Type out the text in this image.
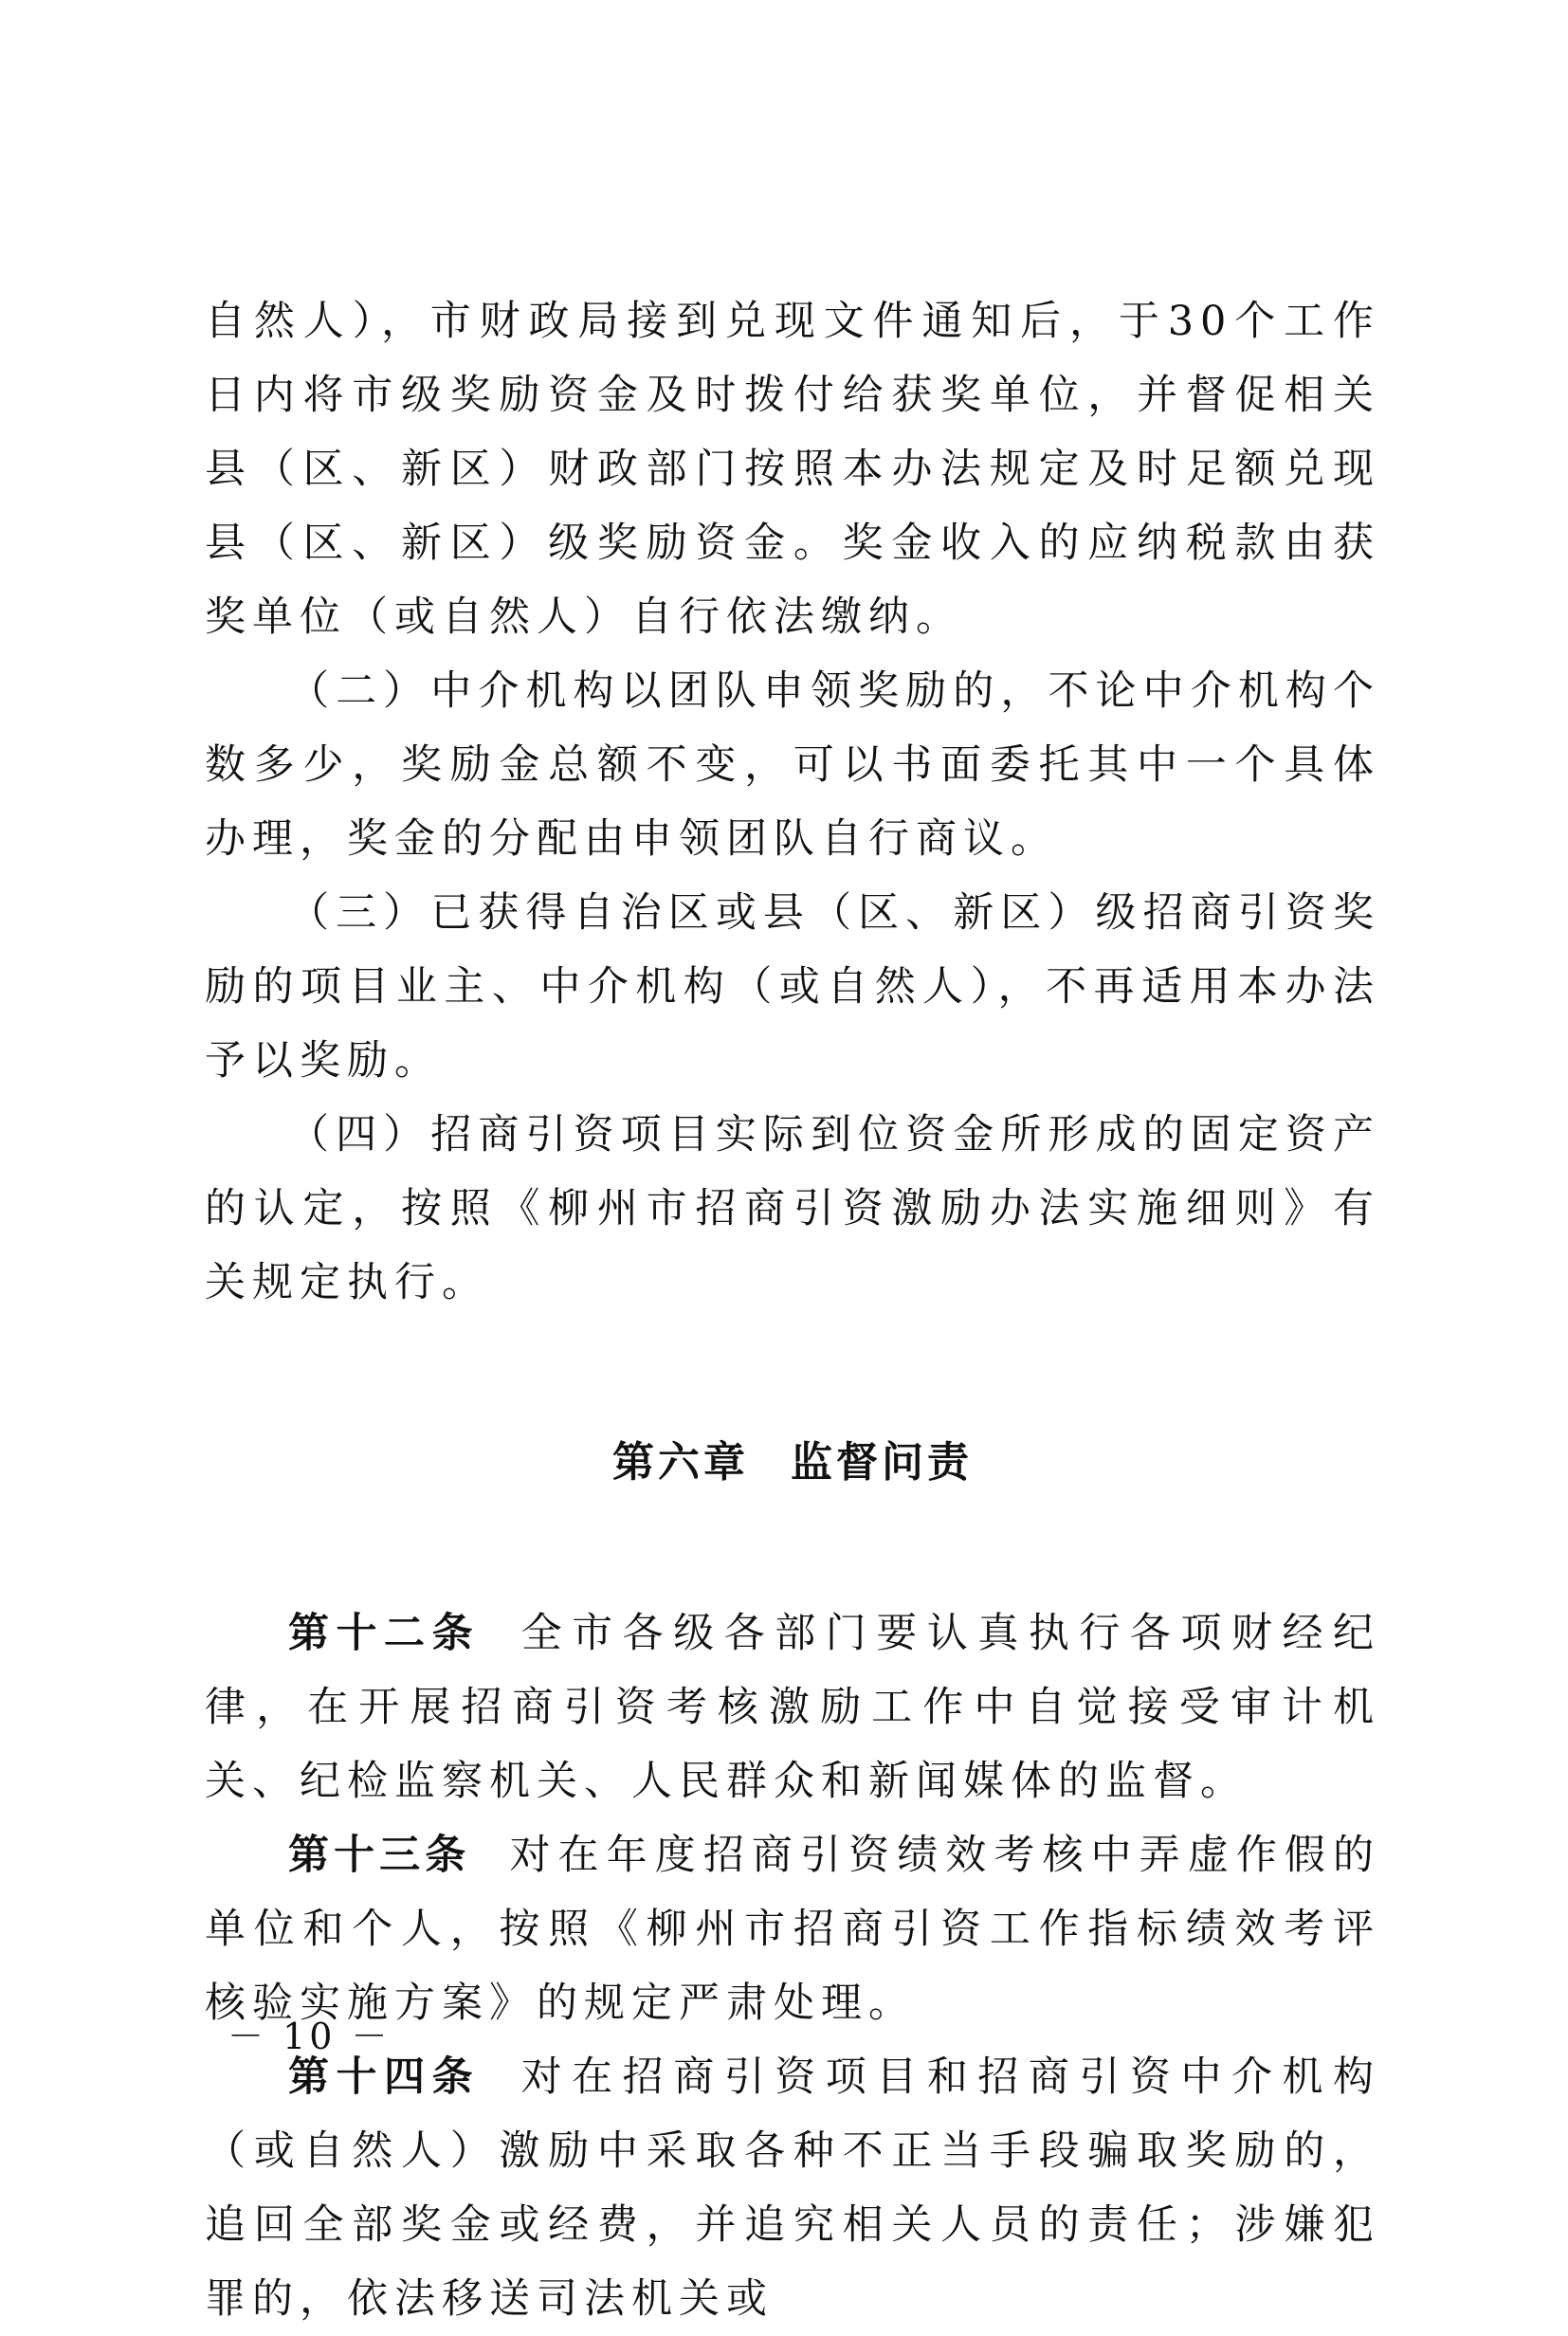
自然人），市财政局接到兑现文件通知后，于30个工作日内将市级奖励资金及时拨付给获奖单位，并督促相关县（区、新区）财政部门按照本办法规定及时足额兑现县（区、新区）级奖励资金。奖金收入的应纳税款由获奖单位（或自然人）自行依法缴纳。

（二）中介机构以团队申领奖励的，不论中介机构个数多少，奖励金总额不变，可以书面委托其中一个具体办理，奖金的分配由申领团队自行商议。

（三）已获得自治区或县（区、新区）级招商引资奖励的项目业主、中介机构（或自然人），不再适用本办法予以奖励。

（四）招商引资项目实际到位资金所形成的固定资产的认定，按照《柳州市招商引资激励办法实施细则》有关规定执行。

第六章 监督问责

第十二条 全市各级各部门要认真执行各项财经纪律，在开展招商引资考核激励工作中自觉接受审计机关、纪检监察机关、人民群众和新闻媒体的监督。

第十三条 对在年度招商引资绩效考核中弄虚作假的单位和个人，按照《柳州市招商引资工作指标绩效考评核验实施方案》的规定严肃处理。

第十四条 对在招商引资项目和招商引资中介机构（或自然人）激励中采取各种不正当手段骗取奖励的，追回全部奖金或经费，并追究相关人员的责任；涉嫌犯罪的，依法移送司法机关或

－ 10 －
